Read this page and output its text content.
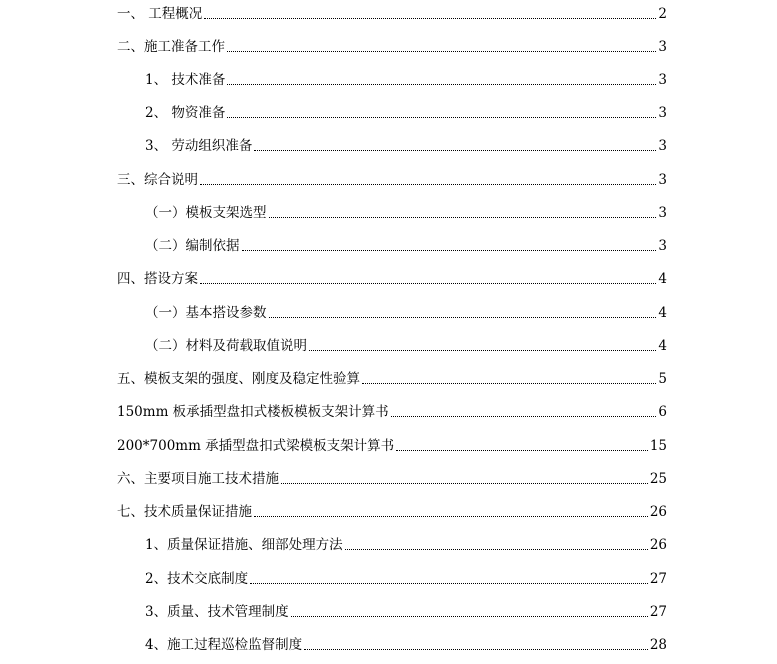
一、 工程概况	2
二、施工准备工作	3
1、 技术准备	3
2、 物资准备	3
3、 劳动组织准备	3
三、综合说明	3
（一）模板支架选型	3
（二）编制依据	3
四、搭设方案	4
（一）基本搭设参数	4
（二）材料及荷载取值说明	4
五、模板支架的强度、刚度及稳定性验算	5
150mm 板承插型盘扣式楼板模板支架计算书	6
200*700mm 承插型盘扣式梁模板支架计算书	15
六、主要项目施工技术措施	25
七、技术质量保证措施	26
1、质量保证措施、细部处理方法	26
2、技术交底制度	27
3、质量、技术管理制度	27
4、施工过程巡检监督制度	28
